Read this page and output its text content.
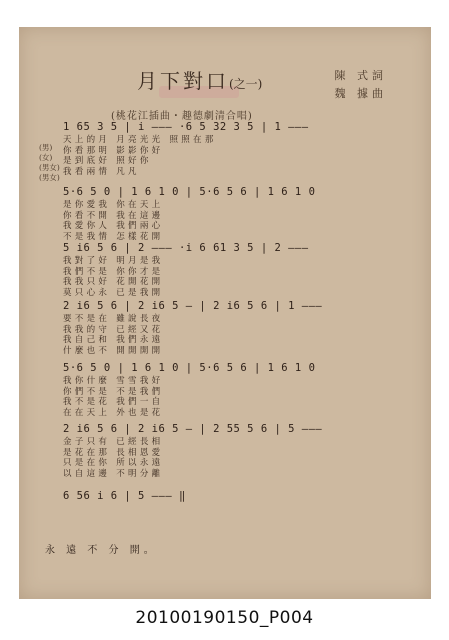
月下對口(之一)
陳 式詞
魏 據曲
(桃花江插曲・趣德劇清合唱)
(男)
(女)
(男女)
(男女)
1 65 3 5 | i ——— ·6 5 32 3 5 | 1 ———
天上的月 月亮光光 照照在那
你看那明 影影你好
是到底好 照好你
我看兩情 凡凡
5·6 5 0 | 1 6 1 0 | 5·6 5 6 | 1 6 1 0
是你愛我 你在天上
你看不開 我在這邊
我愛你人 我們兩心
不是我情 怎樣花開
5 i6 5 6 | 2 ——— ·i 6 61 3 5 | 2 ———
我對了好 明月是我
我們不是 你你才是
我我只好 花開花開
莫只心永 已是我開
2 i6 5 6 | 2 i6 5 — | 2 i6 5 6 | 1 ———
要不是在 雖說長夜
我我的守 已經又花
我自己和 我們永遠
什麼也不 開開開開
5·6 5 0 | 1 6 1 0 | 5·6 5 6 | 1 6 1 0
我你什麼 雪雪我好
你們不是 不是我們
我不是花 我們一自
在在天上 外也是花
2 i6 5 6 | 2 i6 5 — | 2 55 5 6 | 5 ———
金子只有 已經長相
是花在那 長相恩愛
只是在你 所以永遠
以自這邊 不明分離
6 56 i 6 | 5 ——— ‖
永 遠 不 分 開。
20100190150_P004
